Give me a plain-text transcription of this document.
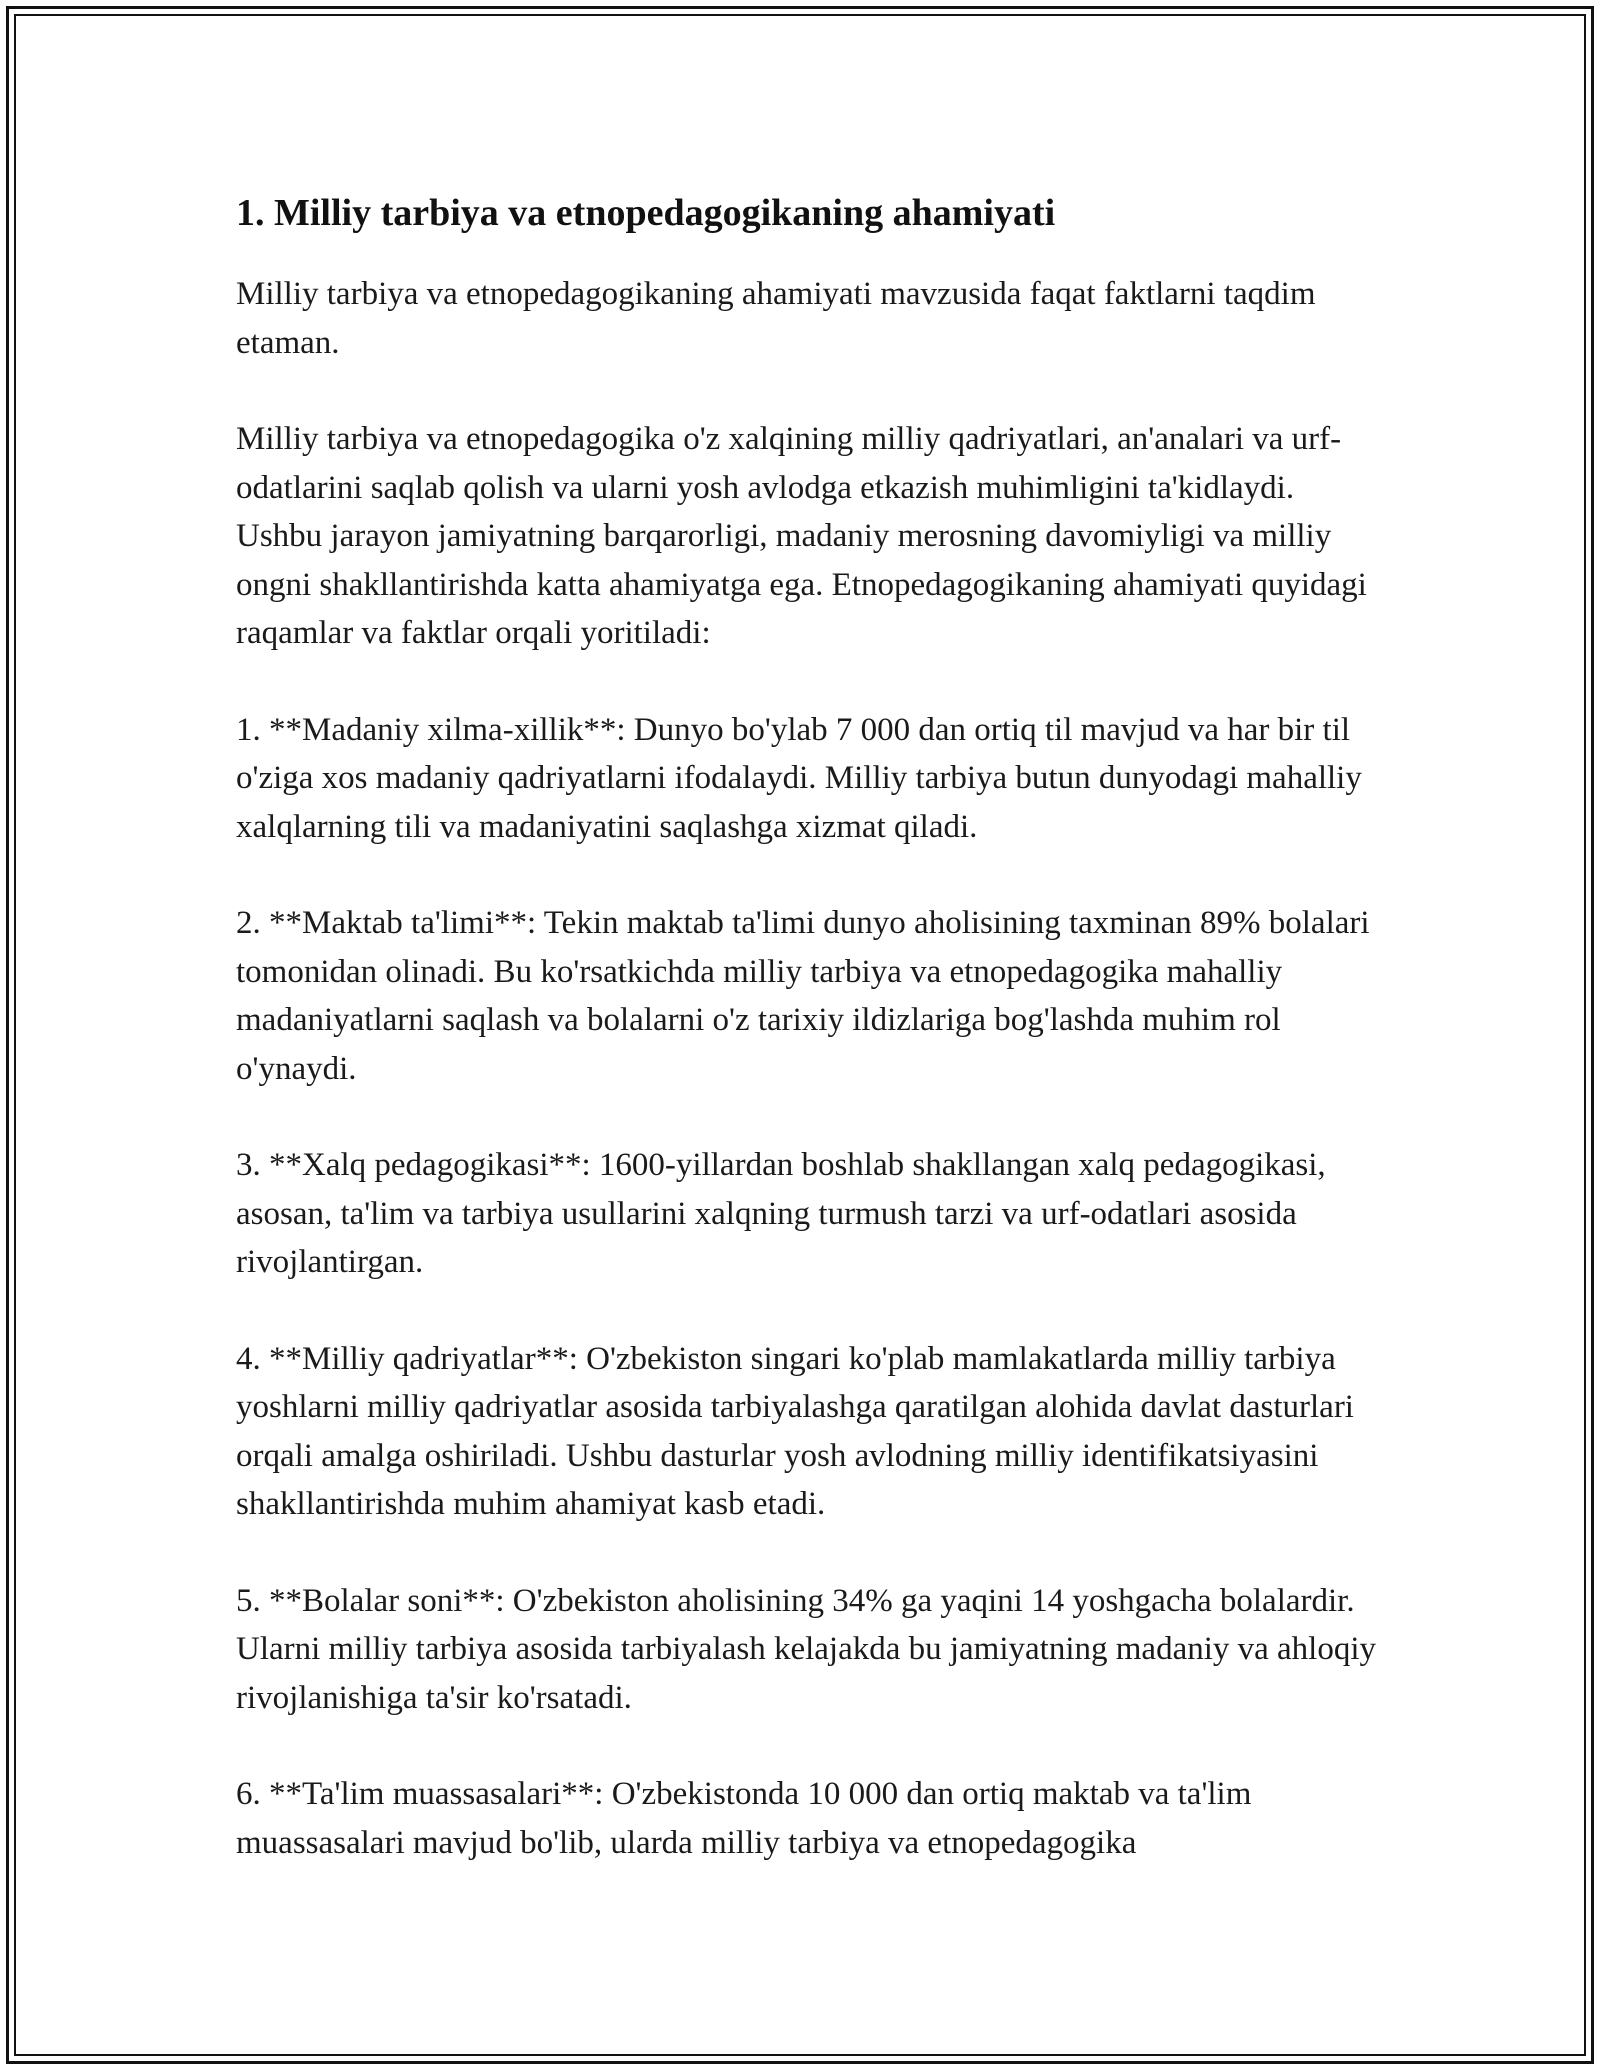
1. Milliy tarbiya va etnopedagogikaning ahamiyati

Milliy tarbiya va etnopedagogikaning ahamiyati mavzusida faqat faktlarni taqdim etaman.

Milliy tarbiya va etnopedagogika o'z xalqining milliy qadriyatlari, an'analari va urf-odatlarini saqlab qolish va ularni yosh avlodga etkazish muhimligini ta'kidlaydi. Ushbu jarayon jamiyatning barqarorligi, madaniy merosning davomiyligi va milliy ongni shakllantirishda katta ahamiyatga ega. Etnopedagogikaning ahamiyati quyidagi raqamlar va faktlar orqali yoritiladi:

1. **Madaniy xilma-xillik**: Dunyo bo'ylab 7 000 dan ortiq til mavjud va har bir til o'ziga xos madaniy qadriyatlarni ifodalaydi. Milliy tarbiya butun dunyodagi mahalliy xalqlarning tili va madaniyatini saqlashga xizmat qiladi.

2. **Maktab ta'limi**: Tekin maktab ta'limi dunyo aholisining taxminan 89% bolalari tomonidan olinadi. Bu ko'rsatkichda milliy tarbiya va etnopedagogika mahalliy madaniyatlarni saqlash va bolalarni o'z tarixiy ildizlariga bog'lashda muhim rol o'ynaydi.

3. **Xalq pedagogikasi**: 1600-yillardan boshlab shakllangan xalq pedagogikasi, asosan, ta'lim va tarbiya usullarini xalqning turmush tarzi va urf-odatlari asosida rivojlantirgan.

4. **Milliy qadriyatlar**: O'zbekiston singari ko'plab mamlakatlarda milliy tarbiya yoshlarni milliy qadriyatlar asosida tarbiyalashga qaratilgan alohida davlat dasturlari orqali amalga oshiriladi. Ushbu dasturlar yosh avlodning milliy identifikatsiyasini shakllantirishda muhim ahamiyat kasb etadi.

5. **Bolalar soni**: O'zbekiston aholisining 34% ga yaqini 14 yoshgacha bolalardir. Ularni milliy tarbiya asosida tarbiyalash kelajakda bu jamiyatning madaniy va ahloqiy rivojlanishiga ta'sir ko'rsatadi.

6. **Ta'lim muassasalari**: O'zbekistonda 10 000 dan ortiq maktab va ta'lim muassasalari mavjud bo'lib, ularda milliy tarbiya va etnopedagogika
